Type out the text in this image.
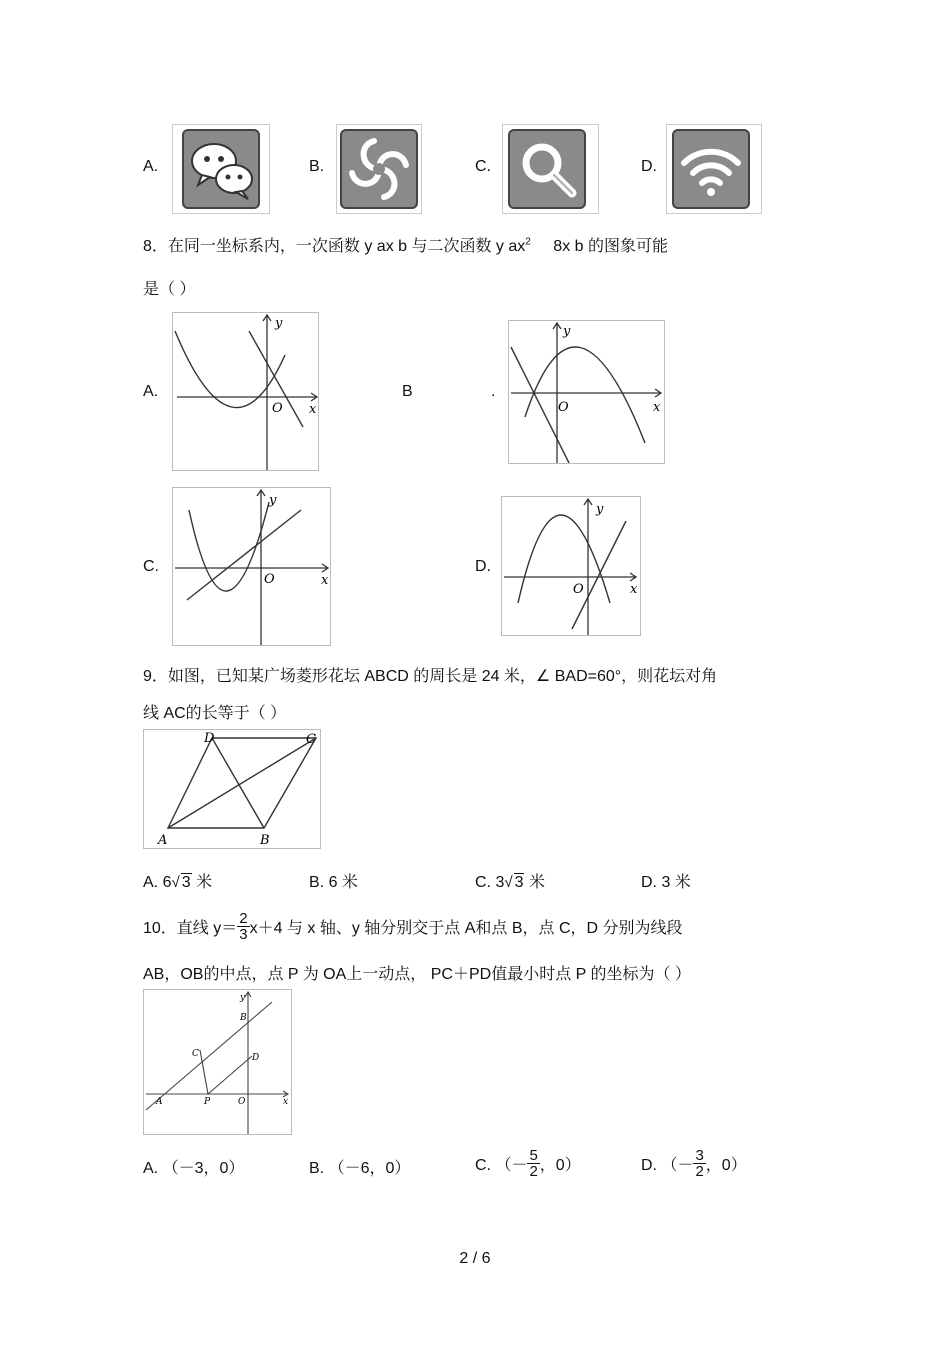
A.	B.	C.	D.
8．在同一坐标系内，一次函数 y ax b 与二次函数 y $ax^2$ 8x b 的图象可能
是（ ）
A.
y
x
O
B	.
y
x
O
C.
y
x
O
D.
y
x
O
9．如图，已知某广场菱形花坛 ABCD 的周长是 24 米，∠ BAD=60°，则花坛对角
线 AC的长等于（ ）
A	B
C
D
A. 6√ 3 米	B. 6 米	C. 3√ 3 米	D. 3 米
10．直线 $y= \frac{2}{3} x+4$ 与 x 轴、y 轴分别交于点 A和点 B，点 C，D 分别为线段
AB，OB的中点，点 P 为 OA上一动点， PC＋PD值最小时点 P 的坐标为（ ）
y
B
C	D
A	P	O	x
A. （－3，0）	B. （－6，0）	C. （－ $\frac{5}{2}$ ，0）	D. （－ $\frac{3}{2}$ ，0）
2 / 6
